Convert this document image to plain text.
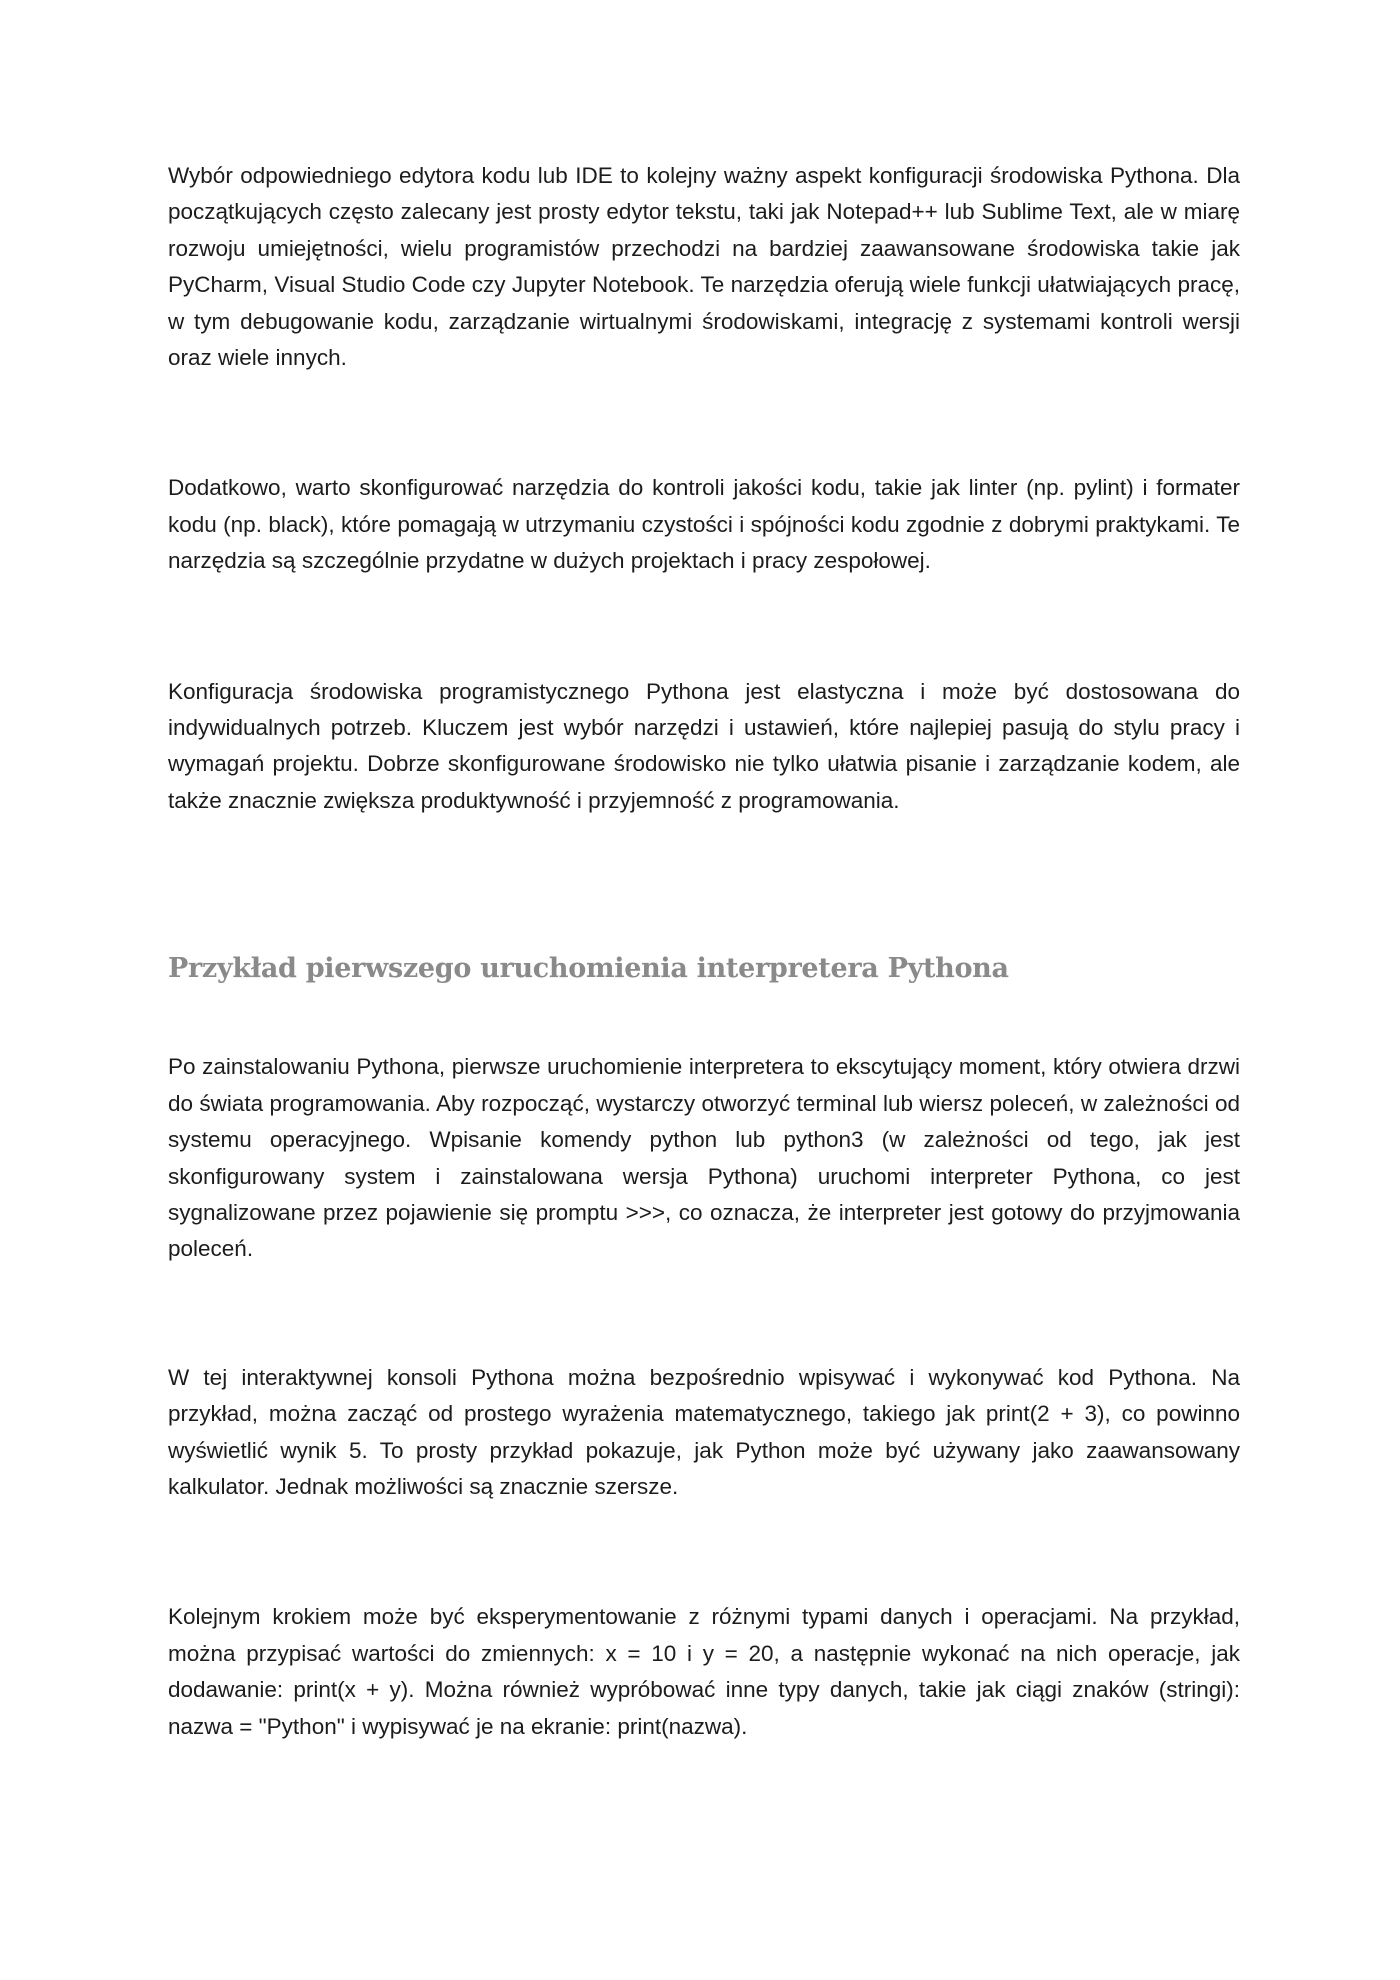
Wybór odpowiedniego edytora kodu lub IDE to kolejny ważny aspekt konfiguracji środowiska Pythona. Dla początkujących często zalecany jest prosty edytor tekstu, taki jak Notepad++ lub Sublime Text, ale w miarę rozwoju umiejętności, wielu programistów przechodzi na bardziej zaawansowane środowiska takie jak PyCharm, Visual Studio Code czy Jupyter Notebook. Te narzędzia oferują wiele funkcji ułatwiających pracę, w tym debugowanie kodu, zarządzanie wirtualnymi środowiskami, integrację z systemami kontroli wersji oraz wiele innych.

Dodatkowo, warto skonfigurować narzędzia do kontroli jakości kodu, takie jak linter (np. pylint) i formater kodu (np. black), które pomagają w utrzymaniu czystości i spójności kodu zgodnie z dobrymi praktykami. Te narzędzia są szczególnie przydatne w dużych projektach i pracy zespołowej.

Konfiguracja środowiska programistycznego Pythona jest elastyczna i może być dostosowana do indywidualnych potrzeb. Kluczem jest wybór narzędzi i ustawień, które najlepiej pasują do stylu pracy i wymagań projektu. Dobrze skonfigurowane środowisko nie tylko ułatwia pisanie i zarządzanie kodem, ale także znacznie zwiększa produktywność i przyjemność z programowania.

Przykład pierwszego uruchomienia interpretera Pythona

Po zainstalowaniu Pythona, pierwsze uruchomienie interpretera to ekscytujący moment, który otwiera drzwi do świata programowania. Aby rozpocząć, wystarczy otworzyć terminal lub wiersz poleceń, w zależności od systemu operacyjnego. Wpisanie komendy python lub python3 (w zależności od tego, jak jest skonfigurowany system i zainstalowana wersja Pythona) uruchomi interpreter Pythona, co jest sygnalizowane przez pojawienie się promptu >>>, co oznacza, że interpreter jest gotowy do przyjmowania poleceń.

W tej interaktywnej konsoli Pythona można bezpośrednio wpisywać i wykonywać kod Pythona. Na przykład, można zacząć od prostego wyrażenia matematycznego, takiego jak print(2 + 3), co powinno wyświetlić wynik 5. To prosty przykład pokazuje, jak Python może być używany jako zaawansowany kalkulator. Jednak możliwości są znacznie szersze.

Kolejnym krokiem może być eksperymentowanie z różnymi typami danych i operacjami. Na przykład, można przypisać wartości do zmiennych: x = 10 i y = 20, a następnie wykonać na nich operacje, jak dodawanie: print(x + y). Można również wypróbować inne typy danych, takie jak ciągi znaków (stringi): nazwa = "Python" i wypisywać je na ekranie: print(nazwa).
